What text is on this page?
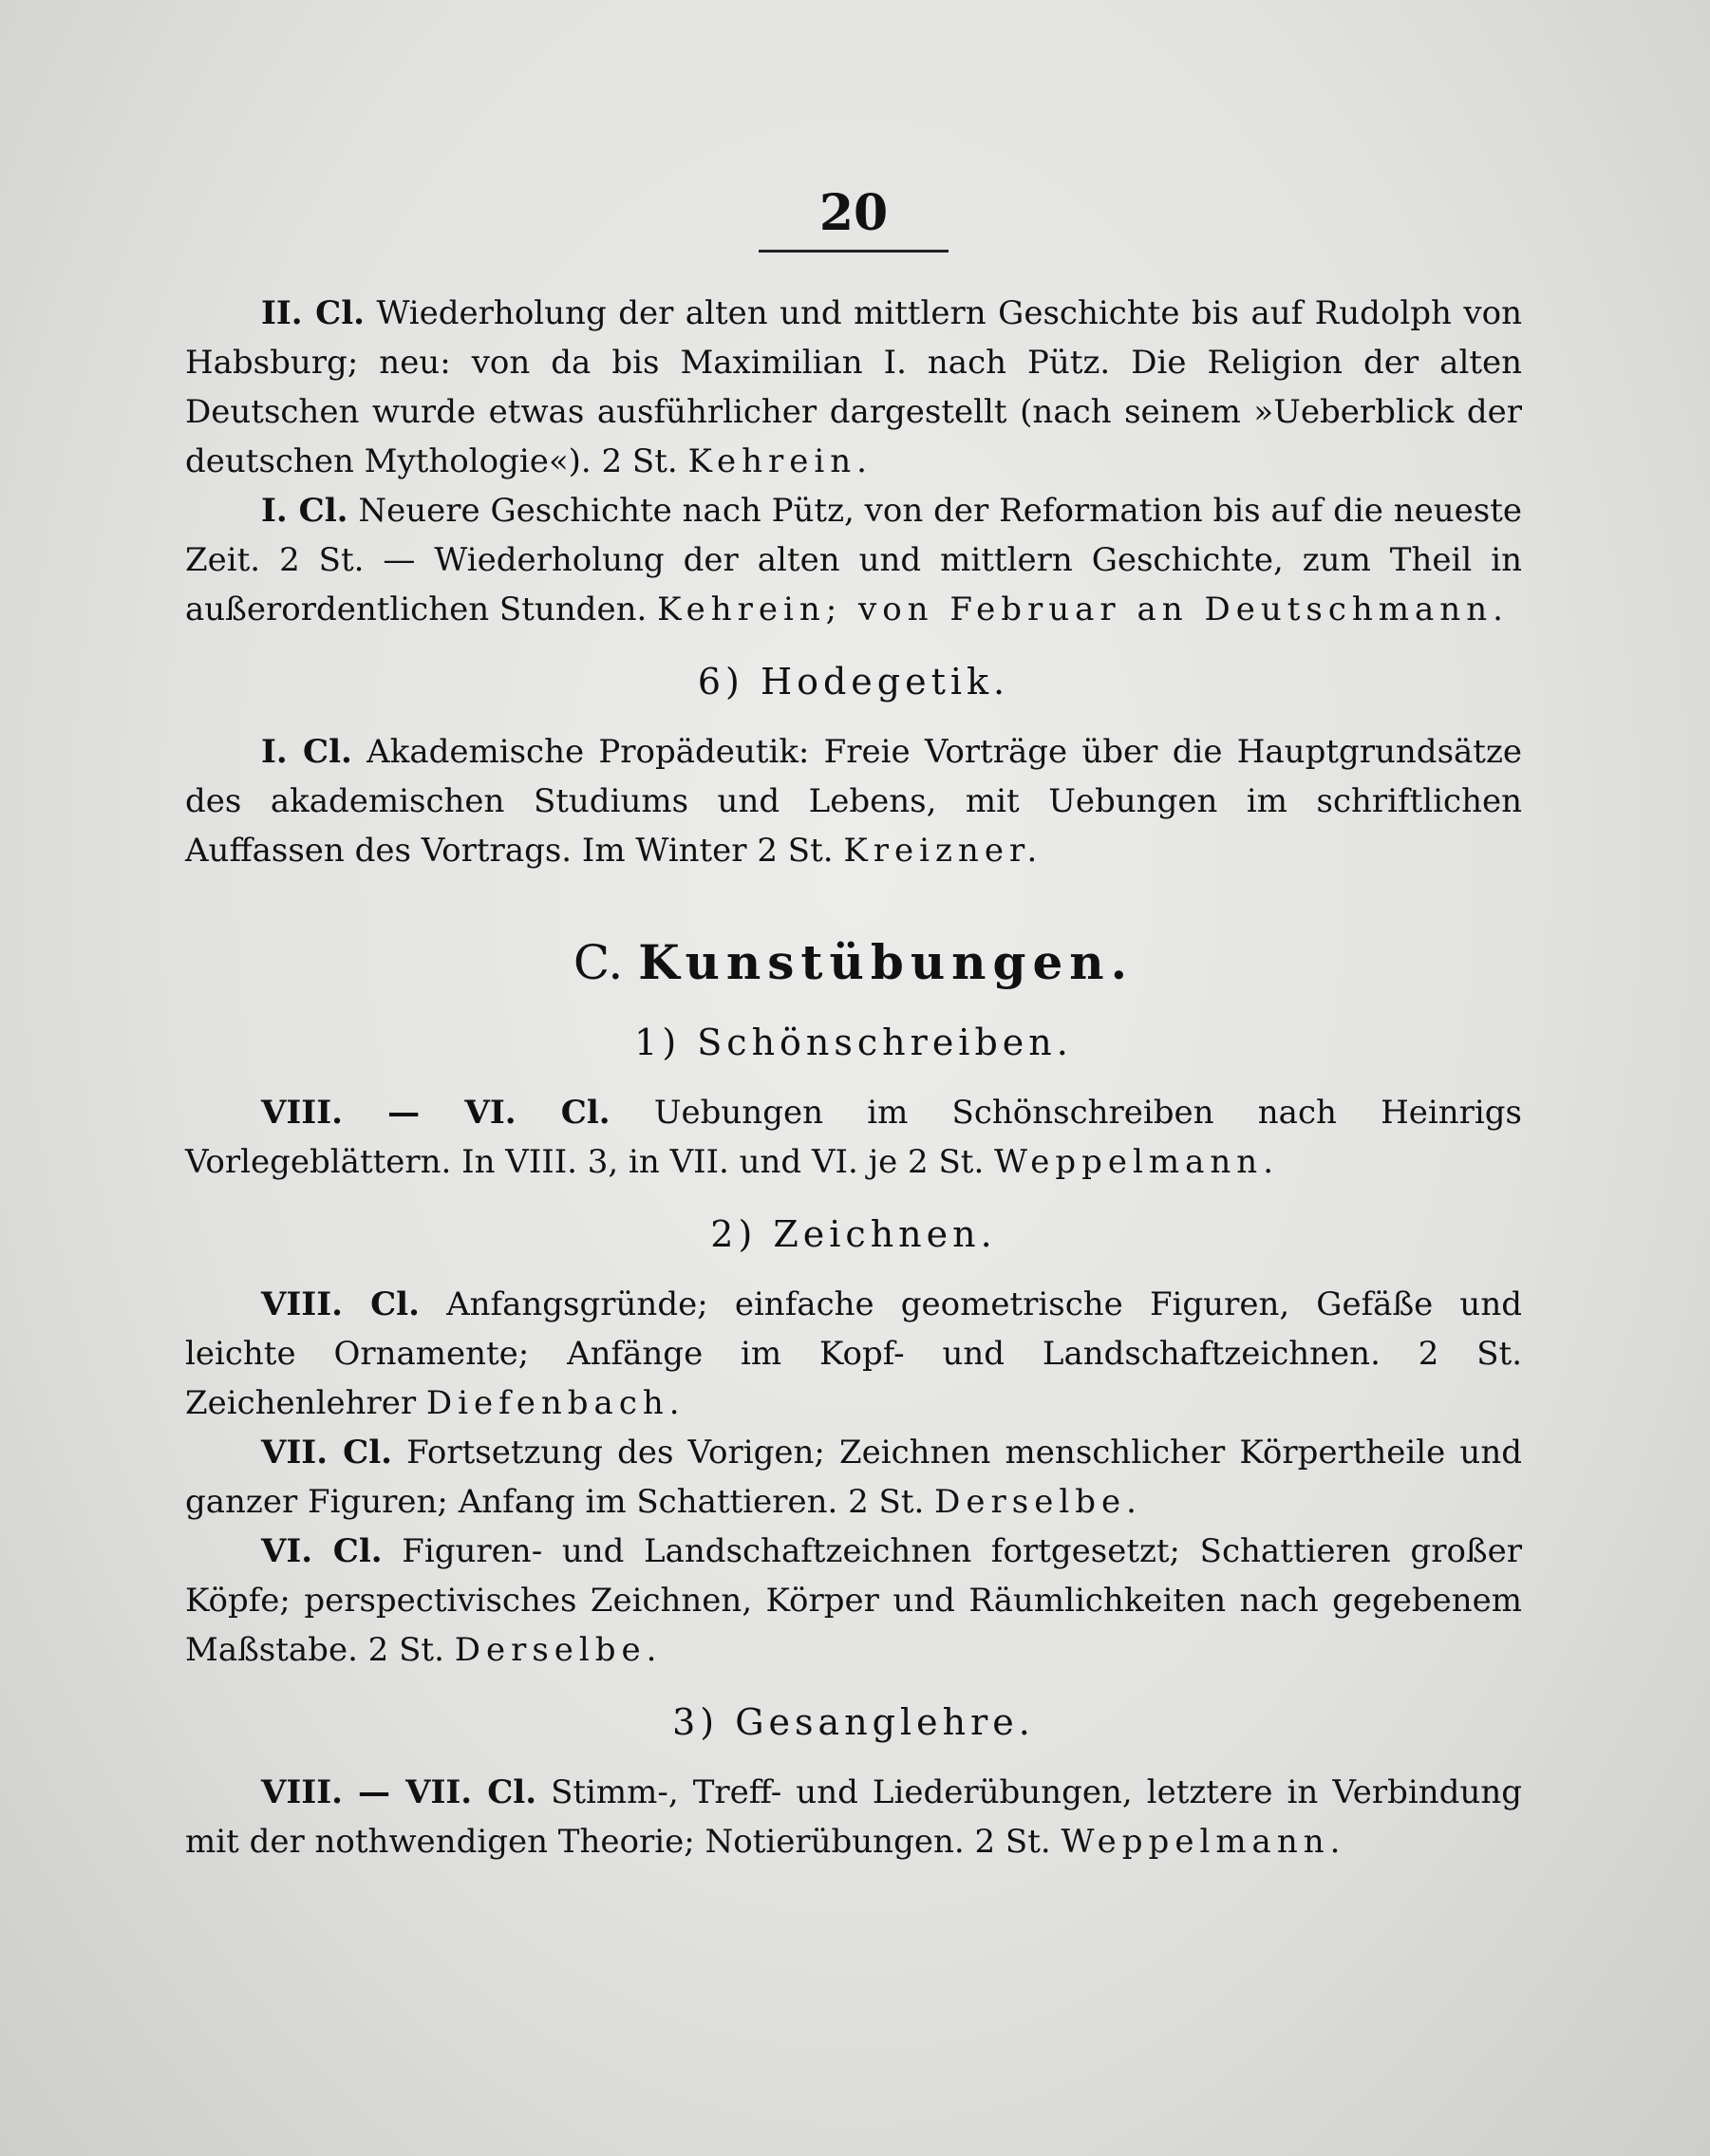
20

II. Cl. Wiederholung der alten und mittlern Geschichte bis auf Rudolph von Habsburg; neu: von da bis Maximilian I. nach Pütz. Die Religion der alten Deutschen wurde etwas ausführlicher dargestellt (nach seinem »Ueberblick der deutschen Mythologie«). 2 St. Kehrein.

I. Cl. Neuere Geschichte nach Pütz, von der Reformation bis auf die neueste Zeit. 2 St. — Wiederholung der alten und mittlern Geschichte, zum Theil in außerordentlichen Stunden. Kehrein; von Februar an Deutschmann.

6) Hodegetik.

I. Cl. Akademische Propädeutik: Freie Vorträge über die Hauptgrundsätze des akademischen Studiums und Lebens, mit Uebungen im schriftlichen Auffassen des Vortrags. Im Winter 2 St. Kreizner.

C. Kunstübungen.
1) Schönschreiben.

VIII. — VI. Cl. Uebungen im Schönschreiben nach Heinrigs Vorlegeblättern. In VIII. 3, in VII. und VI. je 2 St. Weppelmann.

2) Zeichnen.

VIII. Cl. Anfangsgründe; einfache geometrische Figuren, Gefäße und leichte Ornamente; Anfänge im Kopf- und Landschaftzeichnen. 2 St. Zeichenlehrer Diefenbach.

VII. Cl. Fortsetzung des Vorigen; Zeichnen menschlicher Körpertheile und ganzer Figuren; Anfang im Schattieren. 2 St. Derselbe.

VI. Cl. Figuren- und Landschaftzeichnen fortgesetzt; Schattieren großer Köpfe; perspectivisches Zeichnen, Körper und Räumlichkeiten nach gegebenem Maßstabe. 2 St. Derselbe.

3) Gesanglehre.

VIII. — VII. Cl. Stimm-, Treff- und Liederübungen, letztere in Verbindung mit der nothwendigen Theorie; Notierübungen. 2 St. Weppelmann.
